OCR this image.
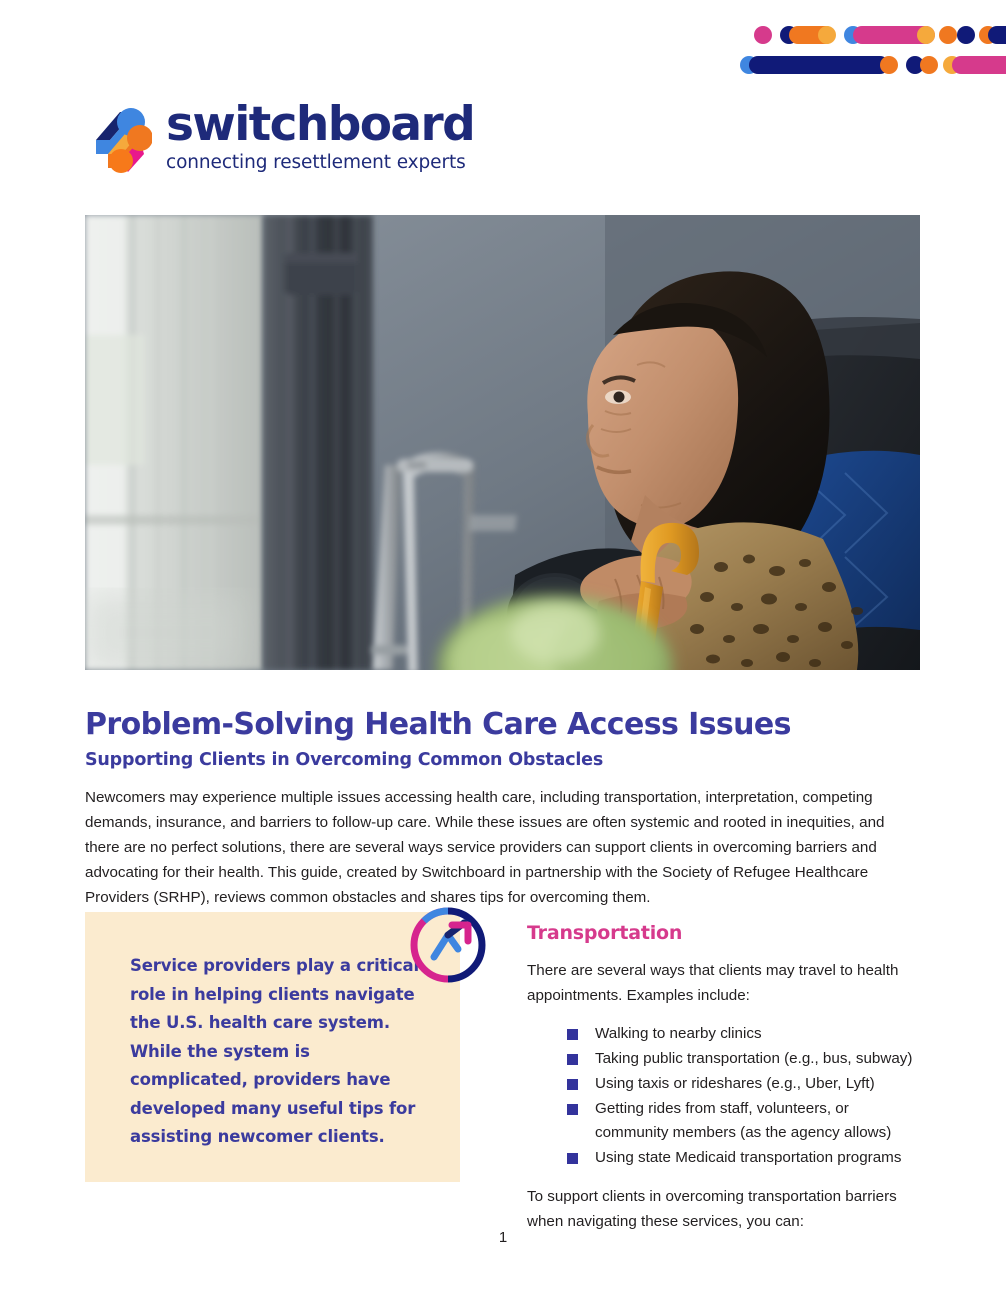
switchboard
connecting resettlement experts
Problem-Solving Health Care Access Issues
Supporting Clients in Overcoming Common Obstacles

Newcomers may experience multiple issues accessing health care, including transportation, interpretation, competing demands, insurance, and barriers to follow-up care. While these issues are often systemic and rooted in inequities, and there are no perfect solutions, there are several ways service providers can support clients in overcoming barriers and advocating for their health. This guide, created by Switchboard in partnership with the Society of Refugee Healthcare Providers (SRHP), reviews common obstacles and shares tips for overcoming them.

Service providers play a critical role in helping clients navigate the U.S. health care system. While the system is complicated, providers have developed many useful tips for assisting newcomer clients.
Transportation

There are several ways that clients may travel to health appointments. Examples include:

Walking to nearby clinics
Taking public transportation (e.g., bus, subway)
Using taxis or rideshares (e.g., Uber, Lyft)
Getting rides from staff, volunteers, or community members (as the agency allows)
Using state Medicaid transportation programs

To support clients in overcoming transportation barriers when navigating these services, you can:

1
